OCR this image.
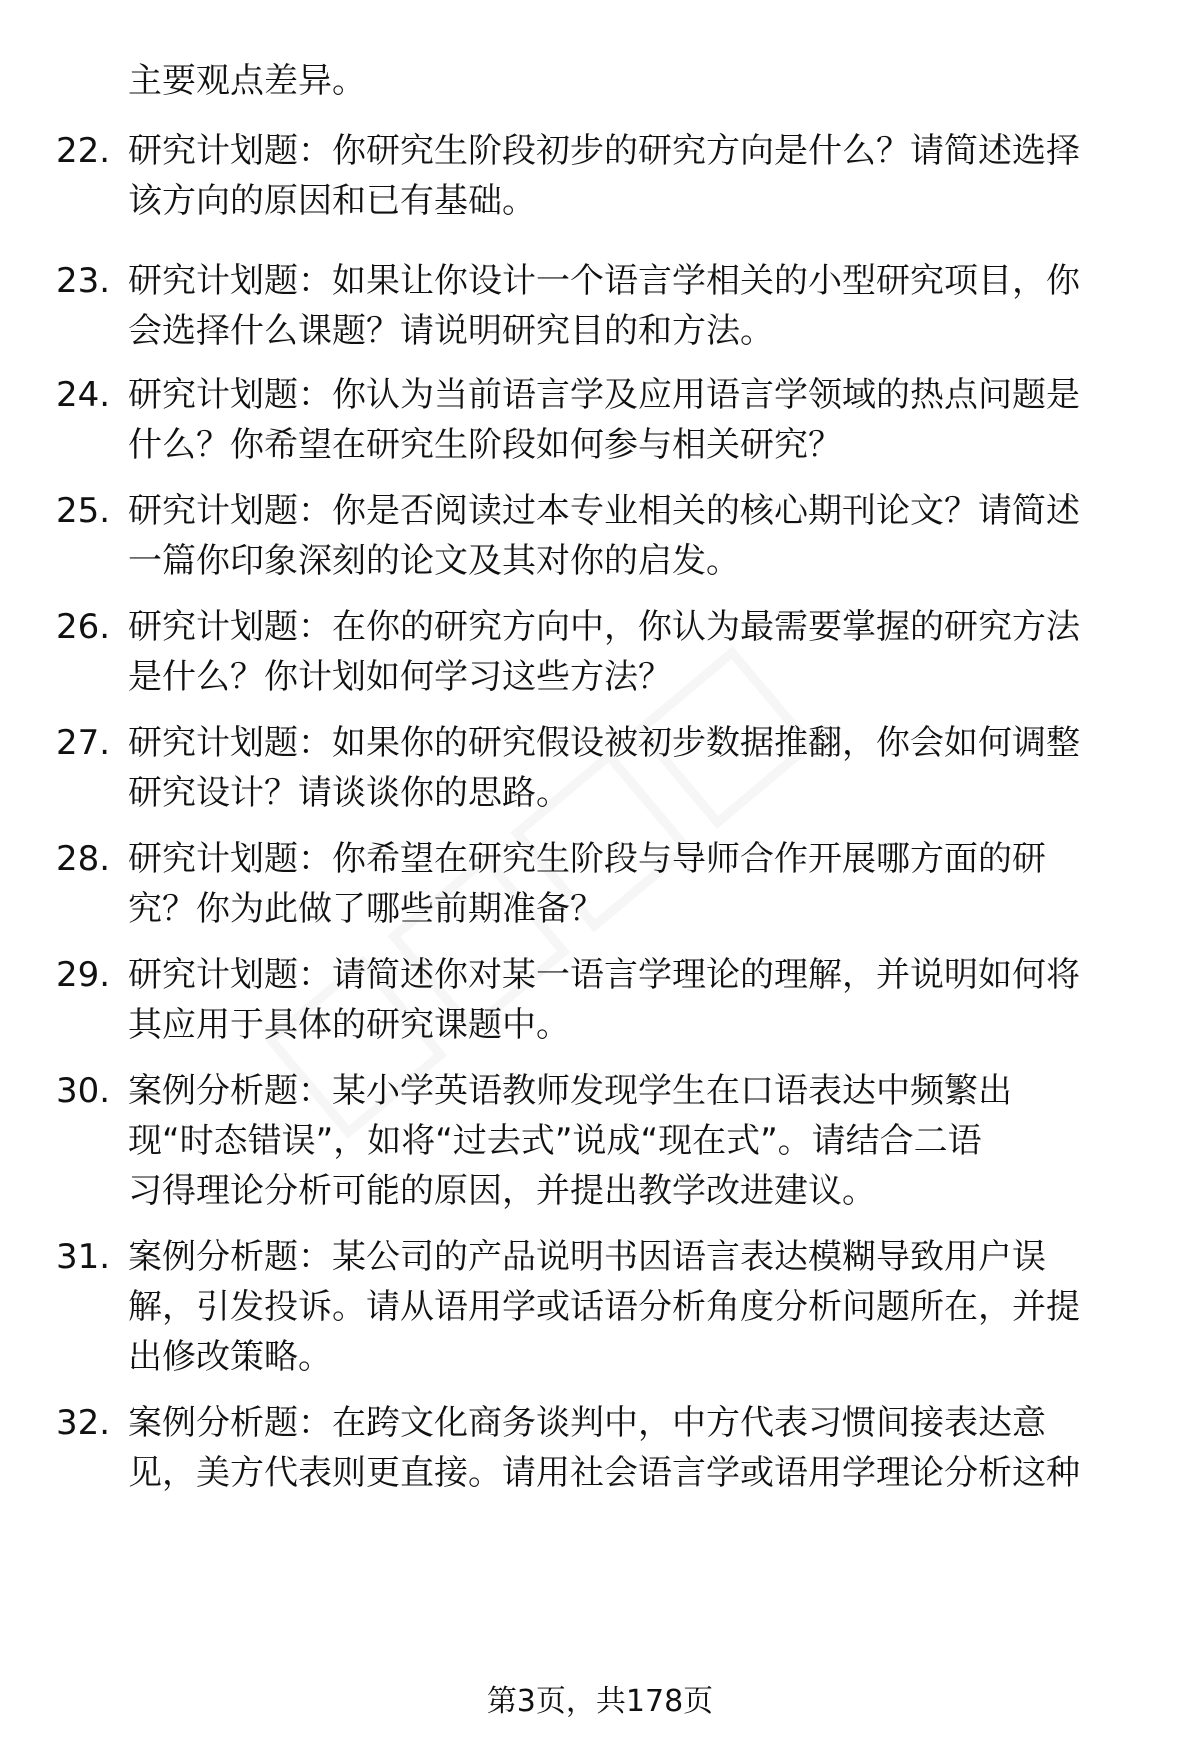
主要观点差异。
22. 研究计划题：你研究生阶段初步的研究方向是什么？请简述选择
该方向的原因和已有基础。
23. 研究计划题：如果让你设计一个语言学相关的小型研究项目，你
会选择什么课题？请说明研究目的和方法。
24. 研究计划题：你认为当前语言学及应用语言学领域的热点问题是
什么？你希望在研究生阶段如何参与相关研究？
25. 研究计划题：你是否阅读过本专业相关的核心期刊论文？请简述
一篇你印象深刻的论文及其对你的启发。
26. 研究计划题：在你的研究方向中，你认为最需要掌握的研究方法
是什么？你计划如何学习这些方法？
27. 研究计划题：如果你的研究假设被初步数据推翻，你会如何调整
研究设计？请谈谈你的思路。
28. 研究计划题：你希望在研究生阶段与导师合作开展哪方面的研
究？你为此做了哪些前期准备？
29. 研究计划题：请简述你对某一语言学理论的理解，并说明如何将
其应用于具体的研究课题中。
30. 案例分析题：某小学英语教师发现学生在口语表达中频繁出
现“时态错误”，如将“过去式”说成“现在式”。请结合二语
习得理论分析可能的原因，并提出教学改进建议。
31. 案例分析题：某公司的产品说明书因语言表达模糊导致用户误
解，引发投诉。请从语用学或话语分析角度分析问题所在，并提
出修改策略。
32. 案例分析题：在跨文化商务谈判中，中方代表习惯间接表达意
见，美方代表则更直接。请用社会语言学或语用学理论分析这种
第3页，共178页
